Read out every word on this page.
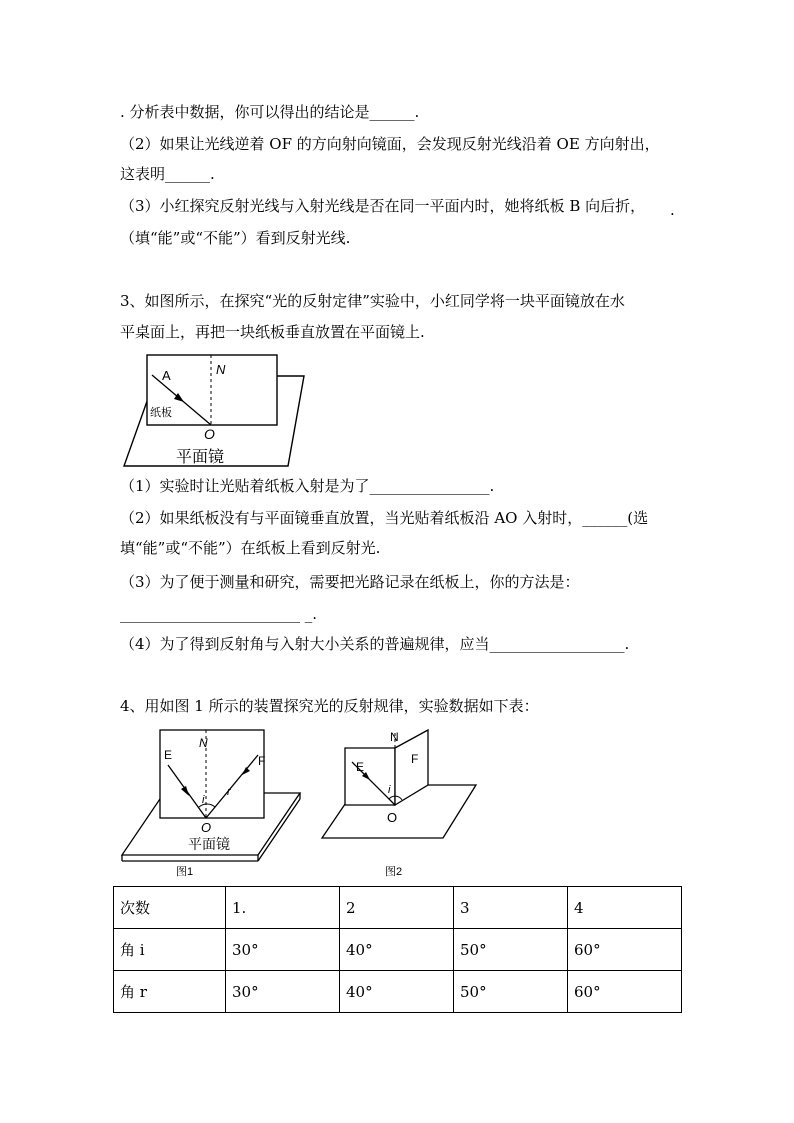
. 分析表中数据，你可以得出的结论是______.
（2）如果让光线逆着 OF 的方向射向镜面，会发现反射光线沿着 OE 方向射出，
这表明______.
（3）小红探究反射光线与入射光线是否在同一平面内时，她将纸板 B 向后折， .
（填“能”或“不能”）看到反射光线.
3、如图所示，在探究“光的反射定律”实验中，小红同学将一块平面镜放在水
平桌面上，再把一块纸板垂直放置在平面镜上.
A	N
纸板
O
平面镜
（1）实验时让光贴着纸板入射是为了________________.
（2）如果纸板没有与平面镜垂直放置，当光贴着纸板沿 AO 入射时，______(选
填“能”或“不能”）在纸板上看到反射光.
（3）为了便于测量和研究，需要把光路记录在纸板上，你的方法是：
________________________ _.
（4）为了得到反射角与入射大小关系的普遍规律，应当__________________.
4、用如图 1 所示的装置探究光的反射规律，实验数据如下表：
E
N
F
i
r
O
平面镜
图1
N
E
F
i
O
图2
次数	1.	2	3	4
角 i	30°	40°	50°	60°
角 r	30°	40°	50°	60°
